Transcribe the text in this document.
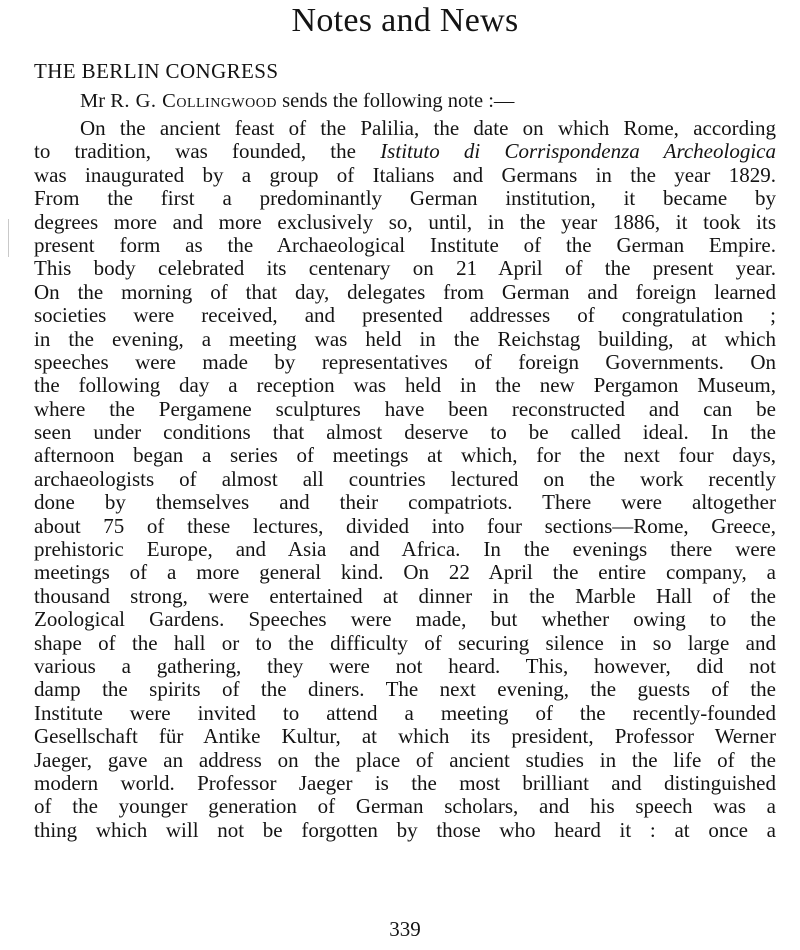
Notes and News
THE BERLIN CONGRESS

Mr R. G. Collingwood sends the following note :—

On the ancient feast of the Palilia, the date on which Rome, according
to tradition, was founded, the Istituto di Corrispondenza Archeologica
was inaugurated by a group of Italians and Germans in the year 1829.
From the first a predominantly German institution, it became by
degrees more and more exclusively so, until, in the year 1886, it took its
present form as the Archaeological Institute of the German Empire.
This body celebrated its centenary on 21 April of the present year.
On the morning of that day, delegates from German and foreign learned
societies were received, and presented addresses of congratulation ;
in the evening, a meeting was held in the Reichstag building, at which
speeches were made by representatives of foreign Governments. On
the following day a reception was held in the new Pergamon Museum,
where the Pergamene sculptures have been reconstructed and can be
seen under conditions that almost deserve to be called ideal. In the
afternoon began a series of meetings at which, for the next four days,
archaeologists of almost all countries lectured on the work recently
done by themselves and their compatriots. There were altogether
about 75 of these lectures, divided into four sections—Rome, Greece,
prehistoric Europe, and Asia and Africa. In the evenings there were
meetings of a more general kind. On 22 April the entire company, a
thousand strong, were entertained at dinner in the Marble Hall of the
Zoological Gardens. Speeches were made, but whether owing to the
shape of the hall or to the difficulty of securing silence in so large and
various a gathering, they were not heard. This, however, did not
damp the spirits of the diners. The next evening, the guests of the
Institute were invited to attend a meeting of the recently-founded
Gesellschaft für Antike Kultur, at which its president, Professor Werner
Jaeger, gave an address on the place of ancient studies in the life of the
modern world. Professor Jaeger is the most brilliant and distinguished
of the younger generation of German scholars, and his speech was a
thing which will not be forgotten by those who heard it : at once a
339
